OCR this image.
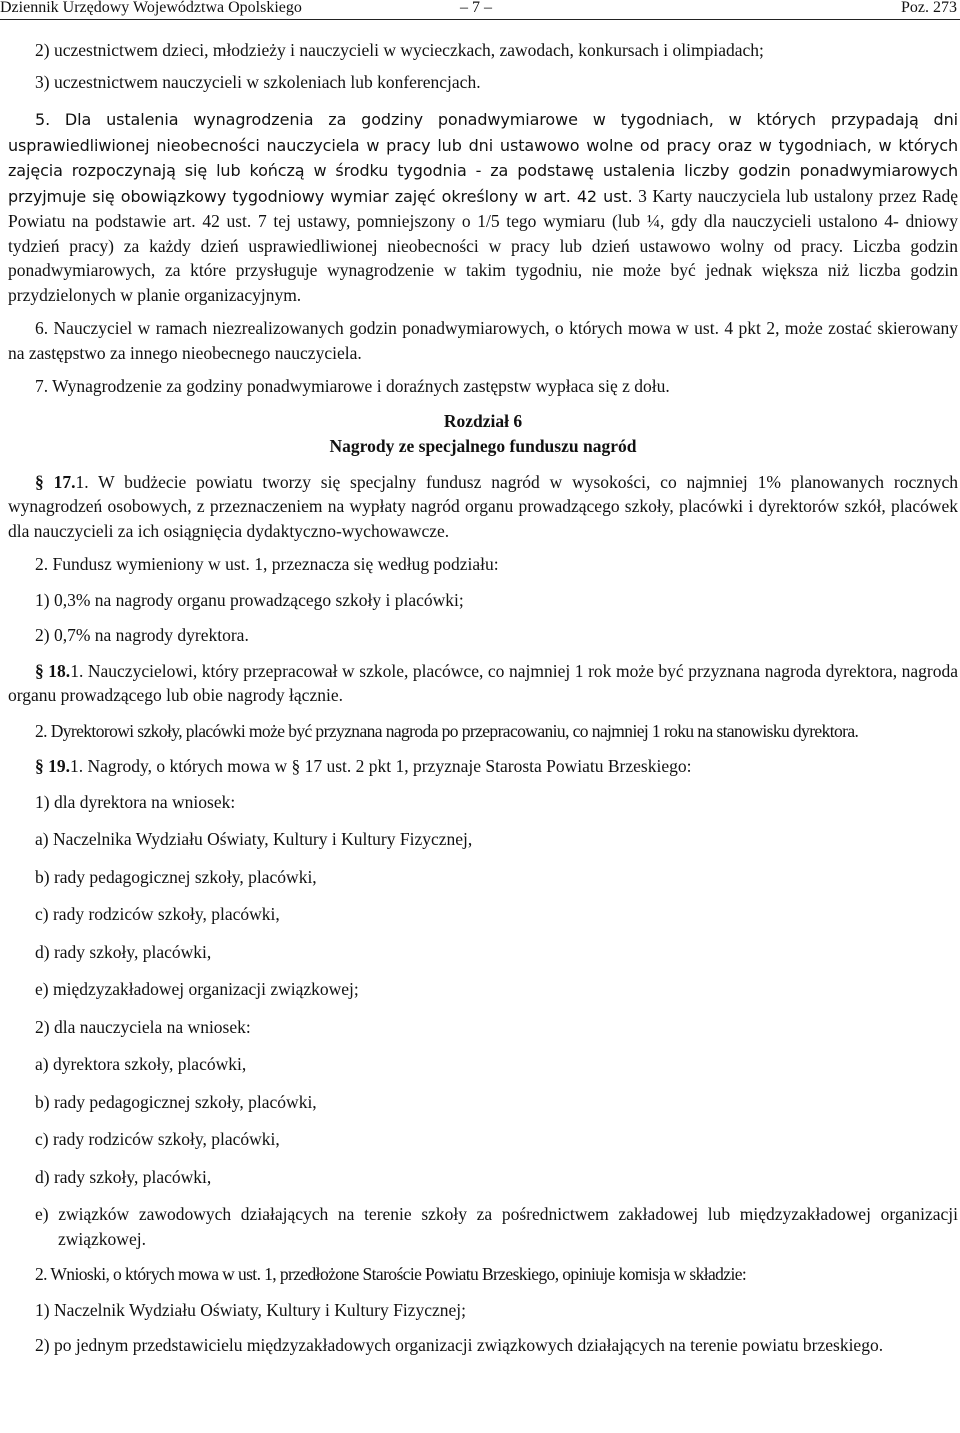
Dziennik Urzędowy Województwa Opolskiego	– 7 –	Poz. 273

2) uczestnictwem dzieci, młodzieży i nauczycieli w wycieczkach, zawodach, konkursach i olimpiadach;

3) uczestnictwem nauczycieli w szkoleniach lub konferencjach.

5. Dla ustalenia wynagrodzenia za godziny ponadwymiarowe w tygodniach, w których przypadają dni usprawiedliwionej nieobecności nauczyciela w pracy lub dni ustawowo wolne od pracy oraz w tygodniach, w których zajęcia rozpoczynają się lub kończą w środku tygodnia - za podstawę ustalenia liczby godzin ponadwymiarowych przyjmuje się obowiązkowy tygodniowy wymiar zajęć określony w art. 42 ust. 3 Karty nauczyciela lub ustalony przez Radę Powiatu na podstawie art. 42 ust. 7 tej ustawy, pomniejszony o 1/5 tego wymiaru (lub ¼, gdy dla nauczycieli ustalono 4- dniowy tydzień pracy) za każdy dzień usprawiedliwionej nieobecności w pracy lub dzień ustawowo wolny od pracy. Liczba godzin ponadwymiarowych, za które przysługuje wynagrodzenie w takim tygodniu, nie może być jednak większa niż liczba godzin przydzielonych w planie organizacyjnym.

6. Nauczyciel w ramach niezrealizowanych godzin ponadwymiarowych, o których mowa w ust. 4 pkt 2, może zostać skierowany na zastępstwo za innego nieobecnego nauczyciela.

7. Wynagrodzenie za godziny ponadwymiarowe i doraźnych zastępstw wypłaca się z dołu.

Rozdział 6
Nagrody ze specjalnego funduszu nagród

§ 17.1. W budżecie powiatu tworzy się specjalny fundusz nagród w wysokości, co najmniej 1% planowanych rocznych wynagrodzeń osobowych, z przeznaczeniem na wypłaty nagród organu prowadzącego szkoły, placówki i dyrektorów szkół, placówek dla nauczycieli za ich osiągnięcia dydaktyczno-wychowawcze.

2. Fundusz wymieniony w ust. 1, przeznacza się według podziału:

1) 0,3% na nagrody organu prowadzącego szkoły i placówki;

2) 0,7% na nagrody dyrektora.

§ 18.1. Nauczycielowi, który przepracował w szkole, placówce, co najmniej 1 rok może być przyznana nagroda dyrektora, nagroda organu prowadzącego lub obie nagrody łącznie.

2. Dyrektorowi szkoły, placówki może być przyznana nagroda po przepracowaniu, co najmniej 1 roku na stanowisku dyrektora.

§ 19.1. Nagrody, o których mowa w § 17 ust. 2 pkt 1, przyznaje Starosta Powiatu Brzeskiego:

1) dla dyrektora na wniosek:

a) Naczelnika Wydziału Oświaty, Kultury i Kultury Fizycznej,

b) rady pedagogicznej szkoły, placówki,

c) rady rodziców szkoły, placówki,

d) rady szkoły, placówki,

e) międzyzakładowej organizacji związkowej;

2) dla nauczyciela na wniosek:

a) dyrektora szkoły, placówki,

b) rady pedagogicznej szkoły, placówki,

c) rady rodziców szkoły, placówki,

d) rady szkoły, placówki,

e) związków zawodowych działających na terenie szkoły za pośrednictwem zakładowej lub międzyzakładowej organizacji związkowej.

2. Wnioski, o których mowa w ust. 1, przedłożone Staroście Powiatu Brzeskiego, opiniuje komisja w składzie:

1) Naczelnik Wydziału Oświaty, Kultury i Kultury Fizycznej;

2) po jednym przedstawicielu międzyzakładowych organizacji związkowych działających na terenie powiatu brzeskiego.
